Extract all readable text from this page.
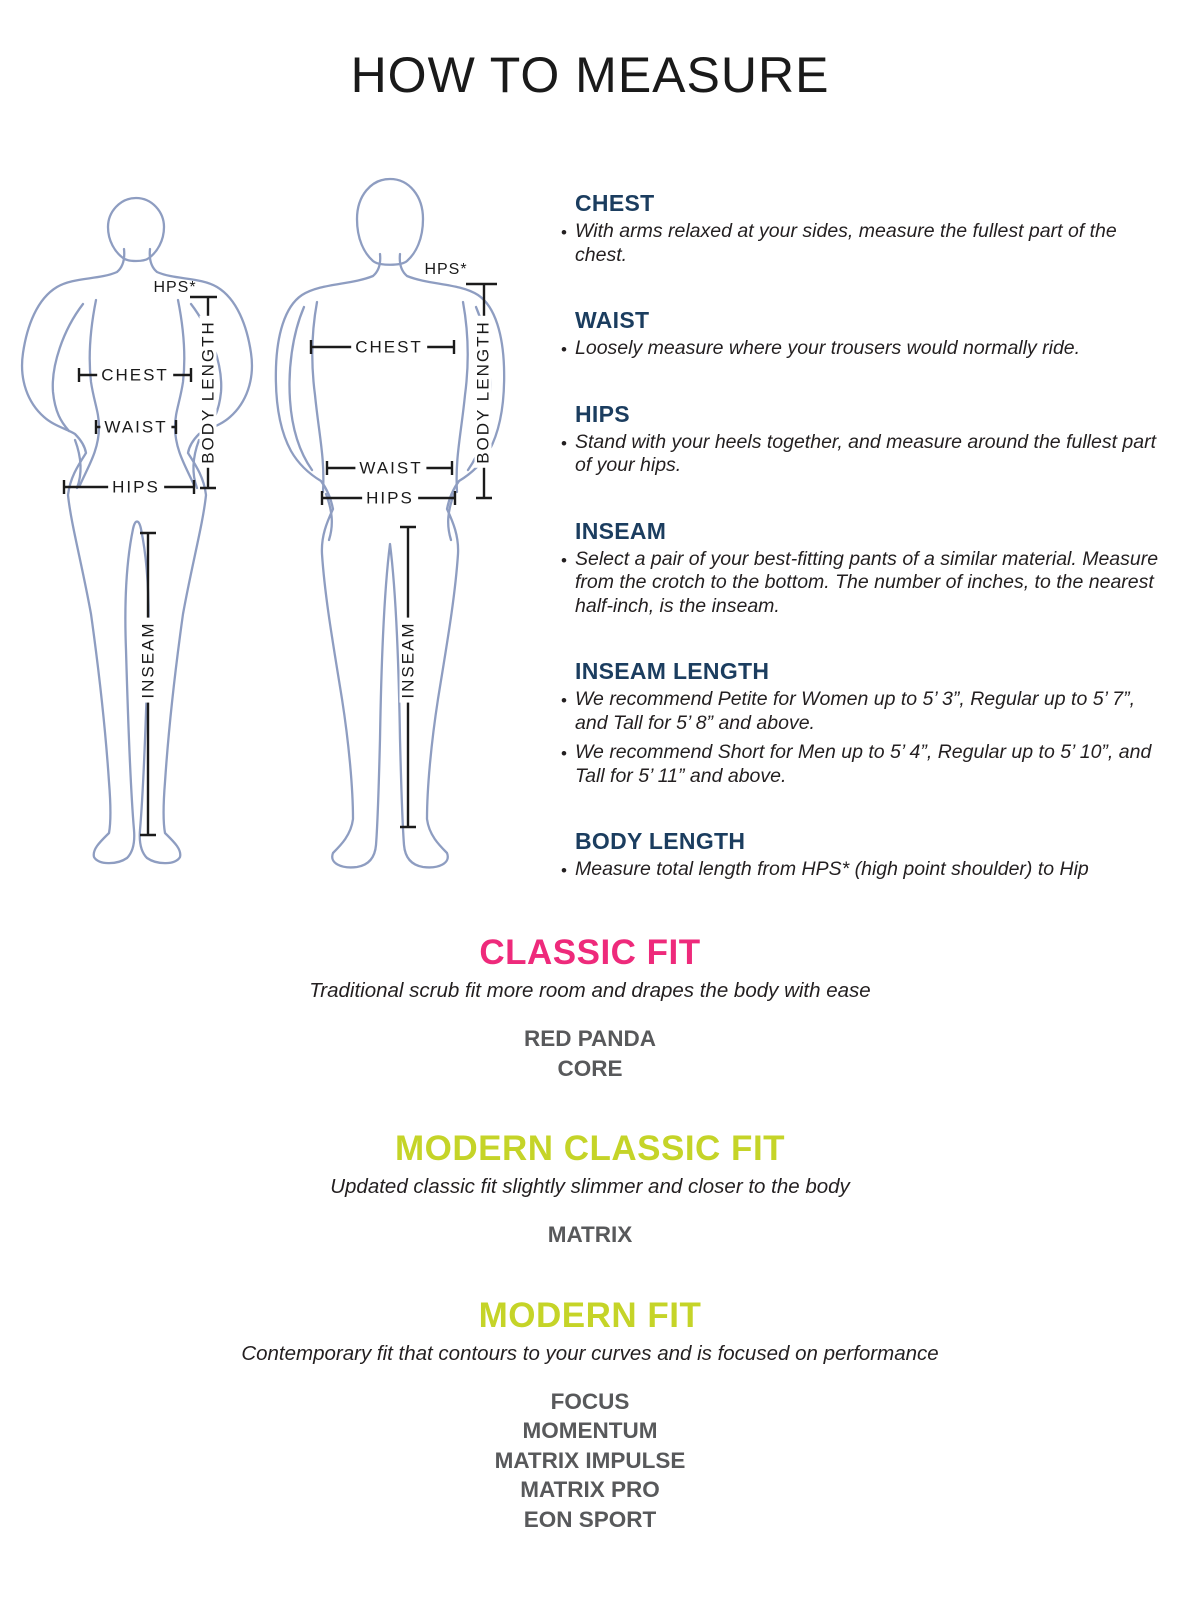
HOW TO MEASURE
HPS*
CHEST
WAIST
HIPS
BODY LENGTH
INSEAM
HPS*
CHEST
WAIST
HIPS
BODY LENGTH
INSEAM
CHEST
• With arms relaxed at your sides, measure the fullest part of the chest.
WAIST
• Loosely measure where your trousers would normally ride.
HIPS
• Stand with your heels together, and measure around the fullest part of your hips.
INSEAM
• Select a pair of your best-fitting pants of a similar material. Measure from the crotch to the bottom. The number of inches, to the nearest half-inch, is the inseam.
INSEAM LENGTH
• We recommend Petite for Women up to 5’ 3”, Regular up to 5’ 7”, and Tall for 5’ 8” and above.
• We recommend Short for Men up to 5’ 4”, Regular up to 5’ 10”, and Tall for 5’ 11” and above.
BODY LENGTH
• Measure total length from HPS* (high point shoulder) to Hip
CLASSIC FIT

Traditional scrub fit more room and drapes the body with ease

RED PANDA
CORE
MODERN CLASSIC FIT

Updated classic fit slightly slimmer and closer to the body

MATRIX
MODERN FIT

Contemporary fit that contours to your curves and is focused on performance

FOCUS
MOMENTUM
MATRIX IMPULSE
MATRIX PRO
EON SPORT
